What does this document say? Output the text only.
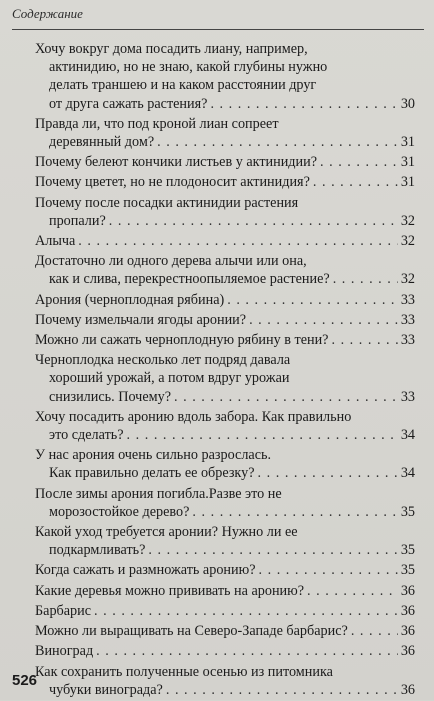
Содержание
Хочу вокруг дома посадить лиану, например,
актинидию, но не знаю, какой глубины нужно
делать траншею и на каком расстоянии друг
от друга сажать растения? . . .	30
Правда ли, что под кроной лиан сопреет
деревянный дом? . . .	31
Почему белеют кончики листьев у актинидии? . . .	31
Почему цветет, но не плодоносит актинидия? . . .	31
Почему после посадки актинидии растения
пропали? . . .	32
Алыча . . .	32
Достаточно ли одного дерева алычи или она,
как и слива, перекрестноопыляемое растение? . . .	32
Арония (черноплодная рябина) . . .	33
Почему измельчали ягоды аронии? . . .	33
Можно ли сажать черноплодную рябину в тени? . . .	33
Черноплодка несколько лет подряд давала
хороший урожай, а потом вдруг урожаи
снизились. Почему? . . .	33
Хочу посадить аронию вдоль забора. Как правильно
это сделать? . . .	34
У нас арония очень сильно разрослась.
Как правильно делать ее обрезку? . . .	34
После зимы арония погибла.Разве это не
морозостойкое дерево? . . .	35
Какой уход требуется аронии? Нужно ли ее
подкармливать? . . .	35
Когда сажать и размножать аронию? . . .	35
Какие деревья можно прививать на аронию? . . .	36
Барбарис . . .	36
Можно ли выращивать на Северо-Западе барбарис? . . .	36
Виноград . . .	36
Как сохранить полученные осенью из питомника
чубуки винограда? . . .	36
526
